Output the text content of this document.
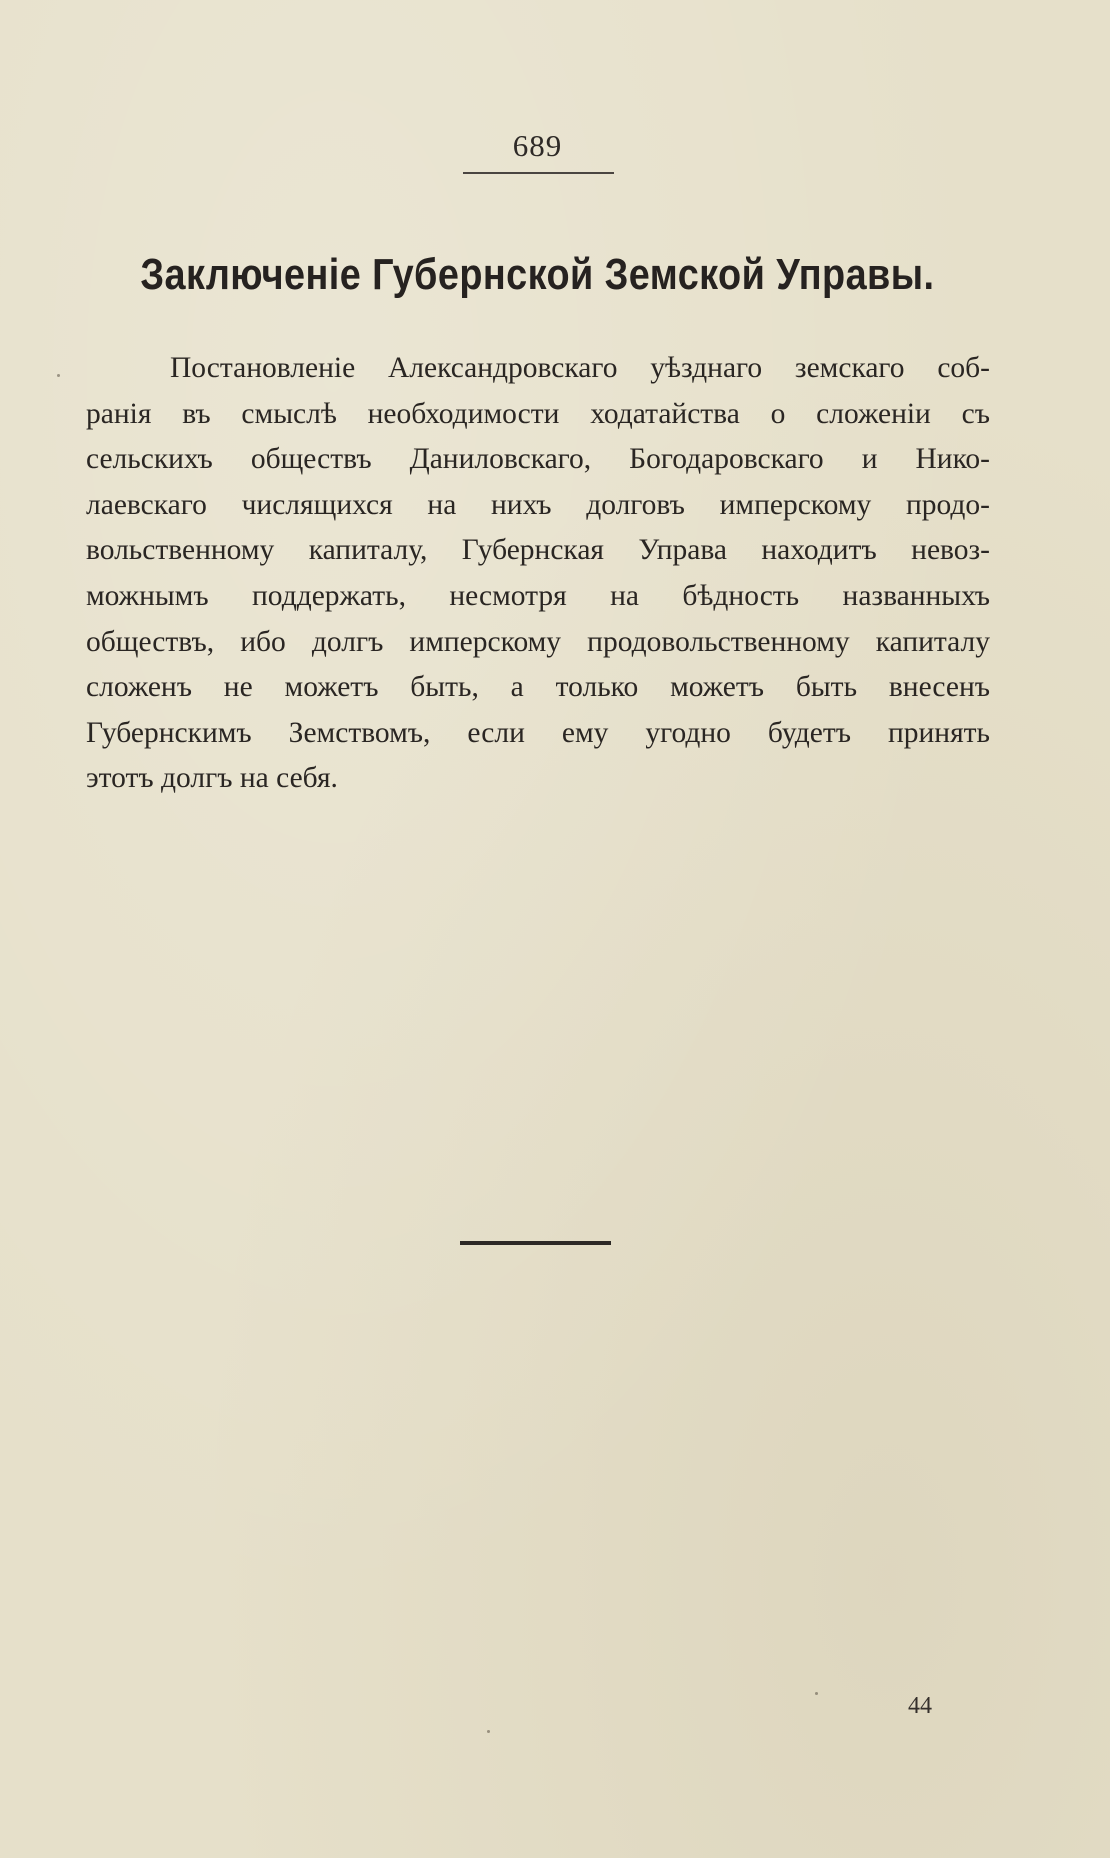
689
Заключеніе Губернской Земской Управы.
Постановленіе Александровскаго уѣзднаго земскаго соб-
ранія въ смыслѣ необходимости ходатайства о сложеніи съ
сельскихъ обществъ Даниловскаго, Богодаровскаго и Нико-
лаевскаго числящихся на нихъ долговъ имперскому продо-
вольственному капиталу, Губернская Управа находитъ невоз-
можнымъ поддержать, несмотря на бѣдность названныхъ
обществъ, ибо долгъ имперскому продовольственному капиталу
сложенъ не можетъ быть, а только можетъ быть внесенъ
Губернскимъ Земствомъ, если ему угодно будетъ принять
этотъ долгъ на себя.
44
